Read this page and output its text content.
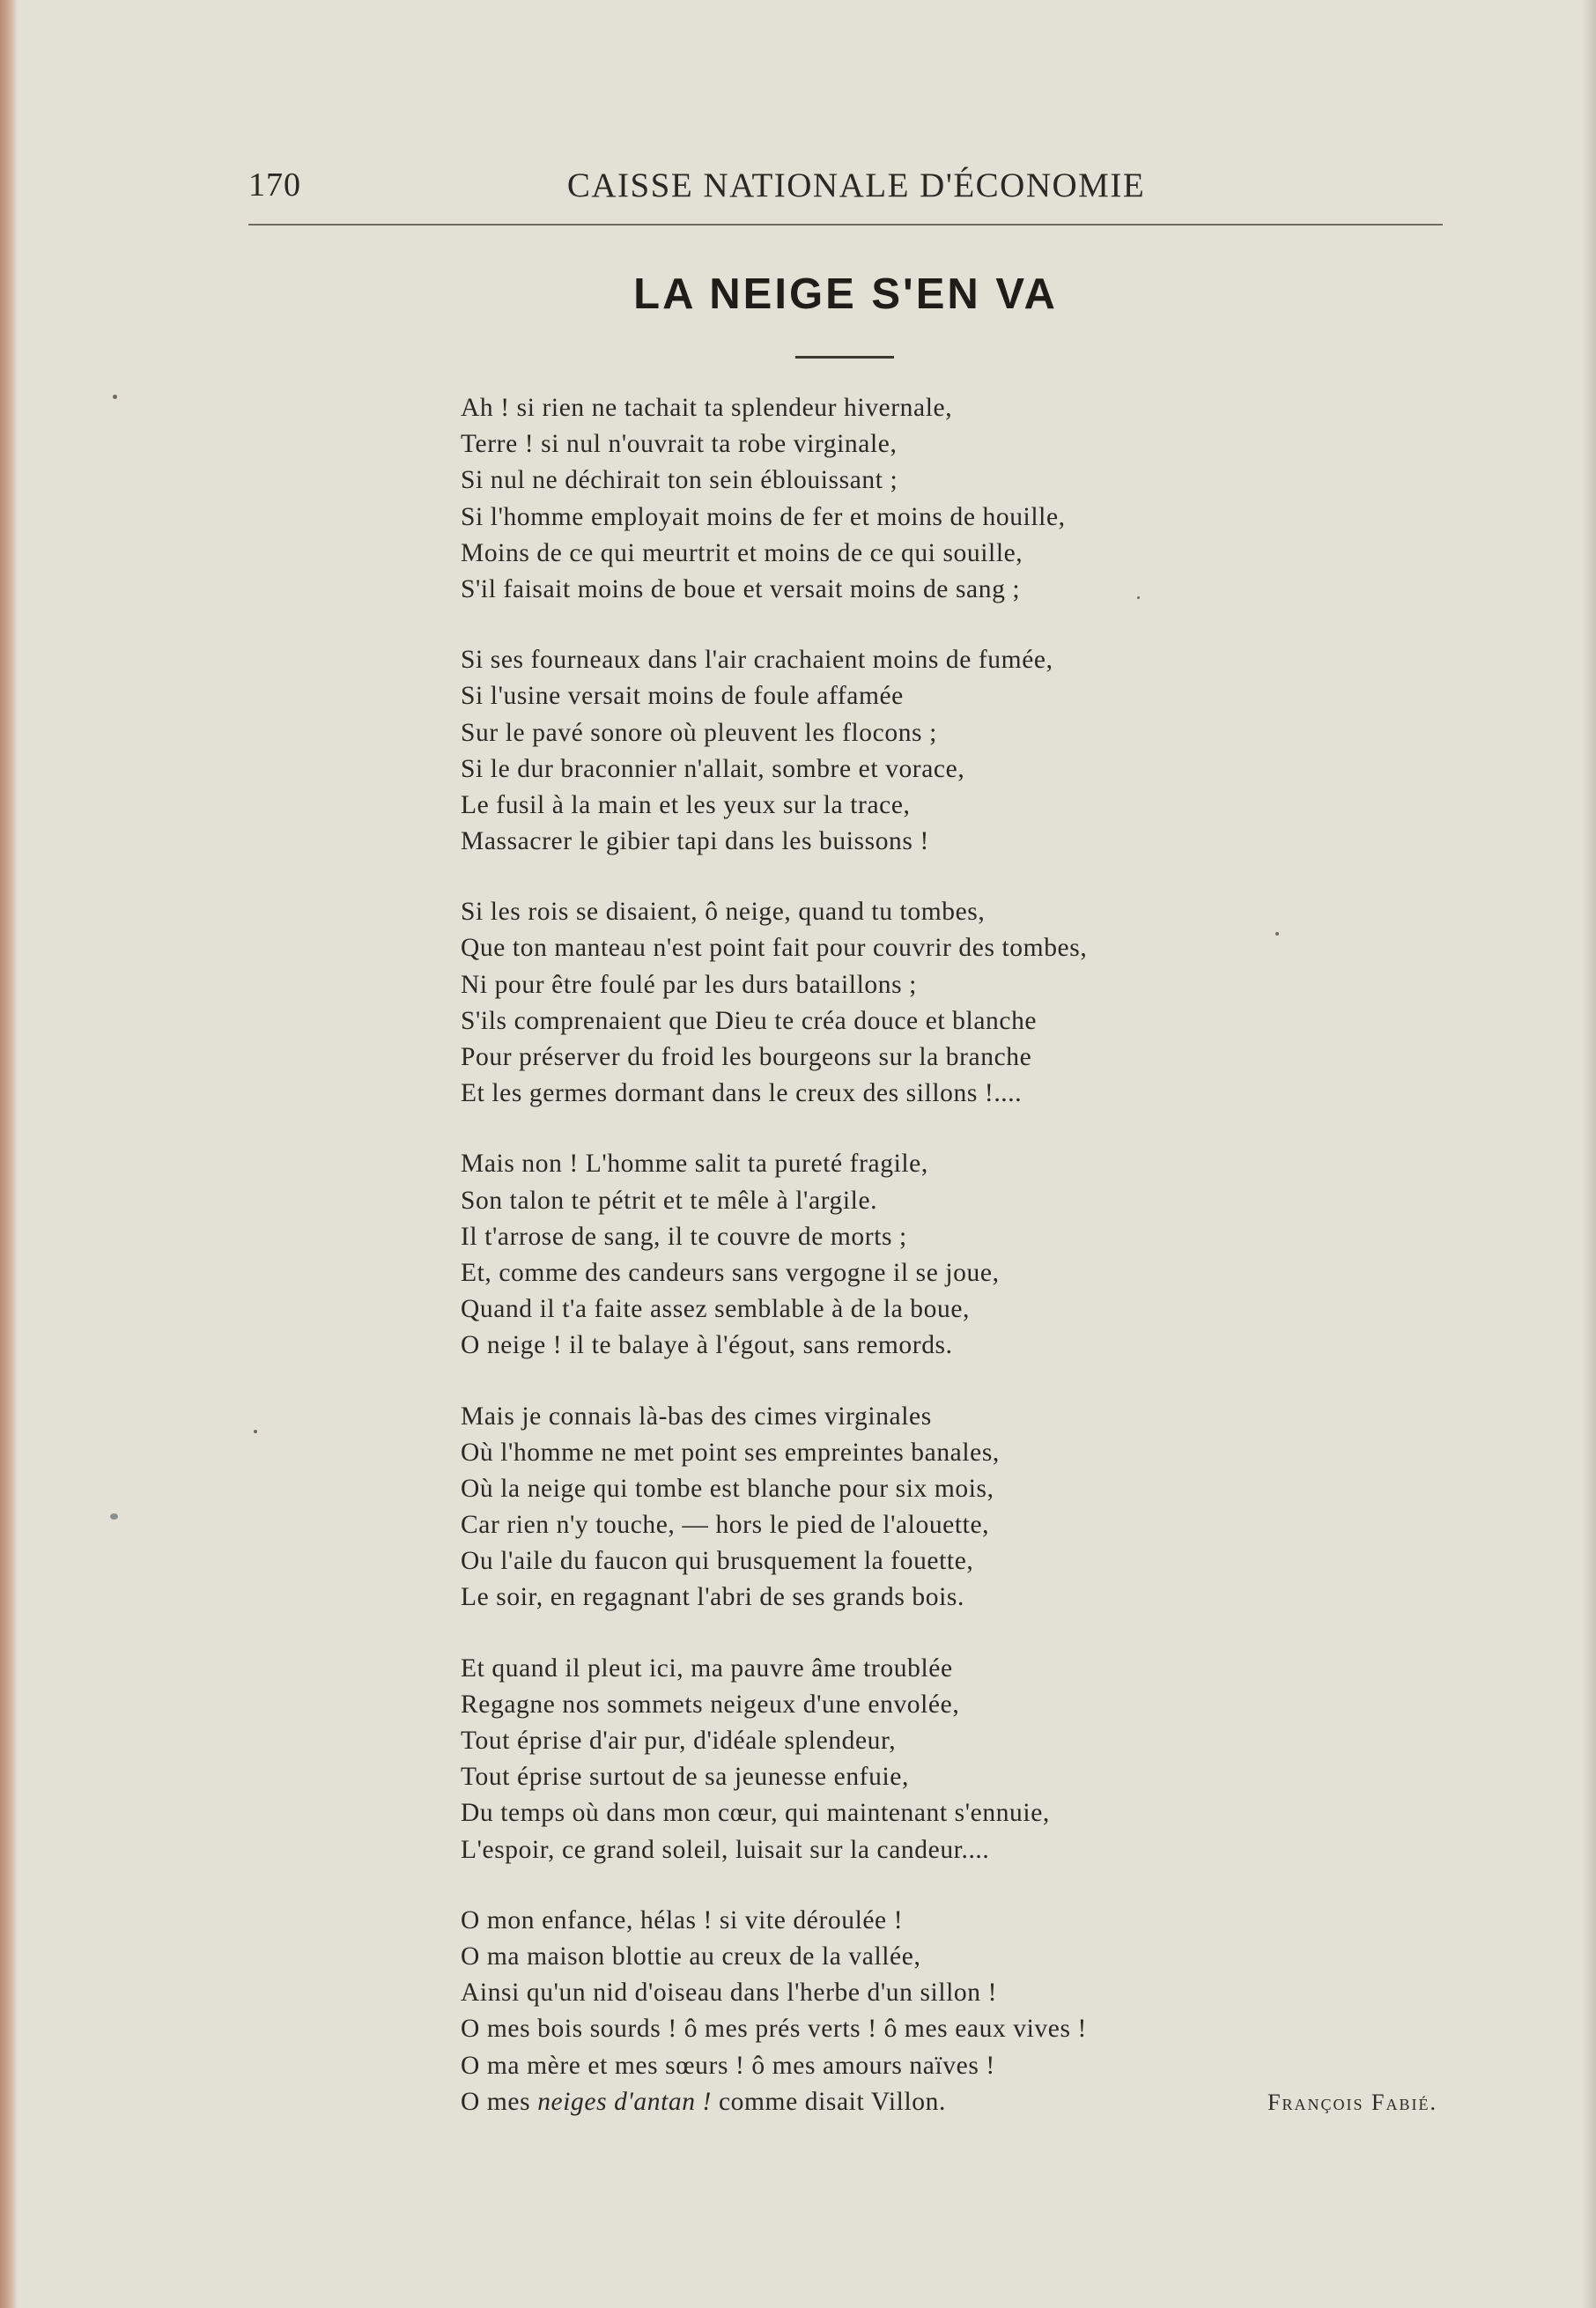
170	CAISSE NATIONALE D'ÉCONOMIE
LA NEIGE S'EN VA
Ah ! si rien ne tachait ta splendeur hivernale,
Terre ! si nul n'ouvrait ta robe virginale,
Si nul ne déchirait ton sein éblouissant ;
Si l'homme employait moins de fer et moins de houille,
Moins de ce qui meurtrit et moins de ce qui souille,
S'il faisait moins de boue et versait moins de sang ;
Si ses fourneaux dans l'air crachaient moins de fumée,
Si l'usine versait moins de foule affamée
Sur le pavé sonore où pleuvent les flocons ;
Si le dur braconnier n'allait, sombre et vorace,
Le fusil à la main et les yeux sur la trace,
Massacrer le gibier tapi dans les buissons !
Si les rois se disaient, ô neige, quand tu tombes,
Que ton manteau n'est point fait pour couvrir des tombes,
Ni pour être foulé par les durs bataillons ;
S'ils comprenaient que Dieu te créa douce et blanche
Pour préserver du froid les bourgeons sur la branche
Et les germes dormant dans le creux des sillons !....
Mais non ! L'homme salit ta pureté fragile,
Son talon te pétrit et te mêle à l'argile.
Il t'arrose de sang, il te couvre de morts ;
Et, comme des candeurs sans vergogne il se joue,
Quand il t'a faite assez semblable à de la boue,
O neige ! il te balaye à l'égout, sans remords.
Mais je connais là-bas des cimes virginales
Où l'homme ne met point ses empreintes banales,
Où la neige qui tombe est blanche pour six mois,
Car rien n'y touche, — hors le pied de l'alouette,
Ou l'aile du faucon qui brusquement la fouette,
Le soir, en regagnant l'abri de ses grands bois.
Et quand il pleut ici, ma pauvre âme troublée
Regagne nos sommets neigeux d'une envolée,
Tout éprise d'air pur, d'idéale splendeur,
Tout éprise surtout de sa jeunesse enfuie,
Du temps où dans mon cœur, qui maintenant s'ennuie,
L'espoir, ce grand soleil, luisait sur la candeur....
O mon enfance, hélas ! si vite déroulée !
O ma maison blottie au creux de la vallée,
Ainsi qu'un nid d'oiseau dans l'herbe d'un sillon !
O mes bois sourds ! ô mes prés verts ! ô mes eaux vives !
O ma mère et mes sœurs ! ô mes amours naïves !
O mes neiges d'antan ! comme disait Villon.	François Fabié.
